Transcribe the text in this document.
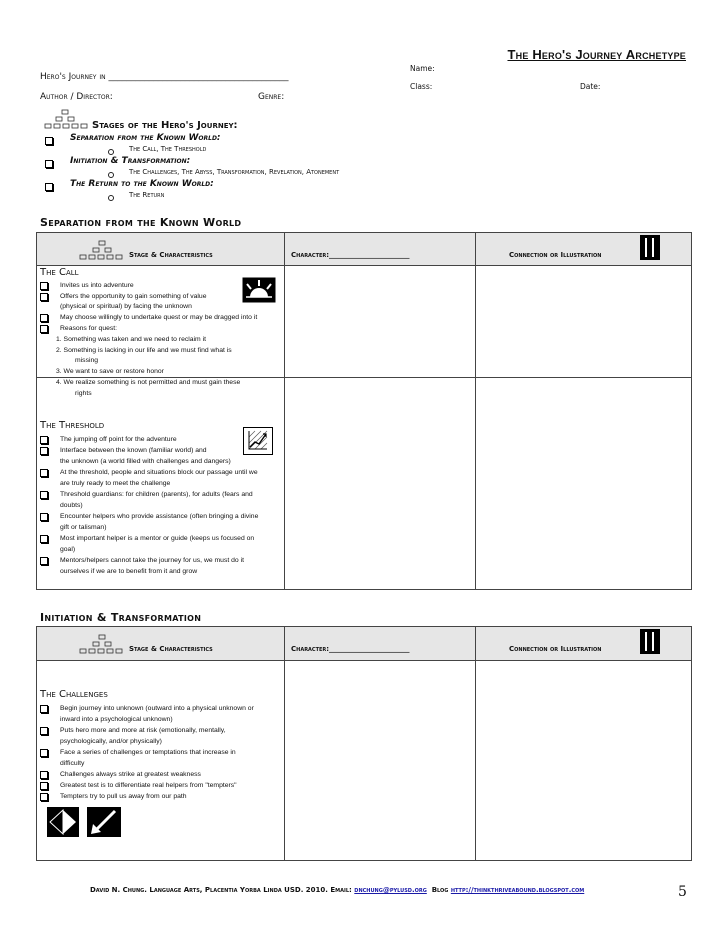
The Hero's Journey Archetype
Hero's Journey in ________________________________________
Author / Director:	Genre:
Name:
Class:	Date:
Stages of the Hero's Journey:
Separation from the Known World:
The Call, The Threshold
Initiation & Transformation:
The Challenges, The Abyss, Transformation, Revelation, Atonement
The Return to the Known World:
The Return
Separation from the Known World
Stage & Characteristics	Character:_______________________	Connection or Illustration
The Call
Invites us into adventure
Offers the opportunity to gain something of value
(physical or spiritual) by facing the unknown
May choose willingly to undertake quest or may be dragged into it
Reasons for quest:
1. Something was taken and we need to reclaim it
2. Something is lacking in our life and we must find what is
missing
3. We want to save or restore honor
4. We realize something is not permitted and must gain these
rights
The Threshold
The jumping off point for the adventure
Interface between the known (familiar world) and
the unknown (a world filled with challenges and dangers)
At the threshold, people and situations block our passage until we
are truly ready to meet the challenge
Threshold guardians: for children (parents), for adults (fears and
doubts)
Encounter helpers who provide assistance (often bringing a divine
gift or talisman)
Most important helper is a mentor or guide (keeps us focused on
goal)
Mentors/helpers cannot take the journey for us, we must do it
ourselves if we are to benefit from it and grow
Initiation & Transformation
Stage & Characteristics	Character:_______________________	Connection or Illustration
The Challenges
Begin journey into unknown (outward into a physical unknown or
inward into a psychological unknown)
Puts hero more and more at risk (emotionally, mentally,
psychologically, and/or physically)
Face a series of challenges or temptations that increase in
difficulty
Challenges always strike at greatest weakness
Greatest test is to differentiate real helpers from "tempters"
Tempters try to pull us away from our path
David N. Chung. Language Arts, Placentia Yorba Linda USD. 2010. Email: dnchung@pylusd.org Blog http://thinkthriveabound.blogspot.com	5
